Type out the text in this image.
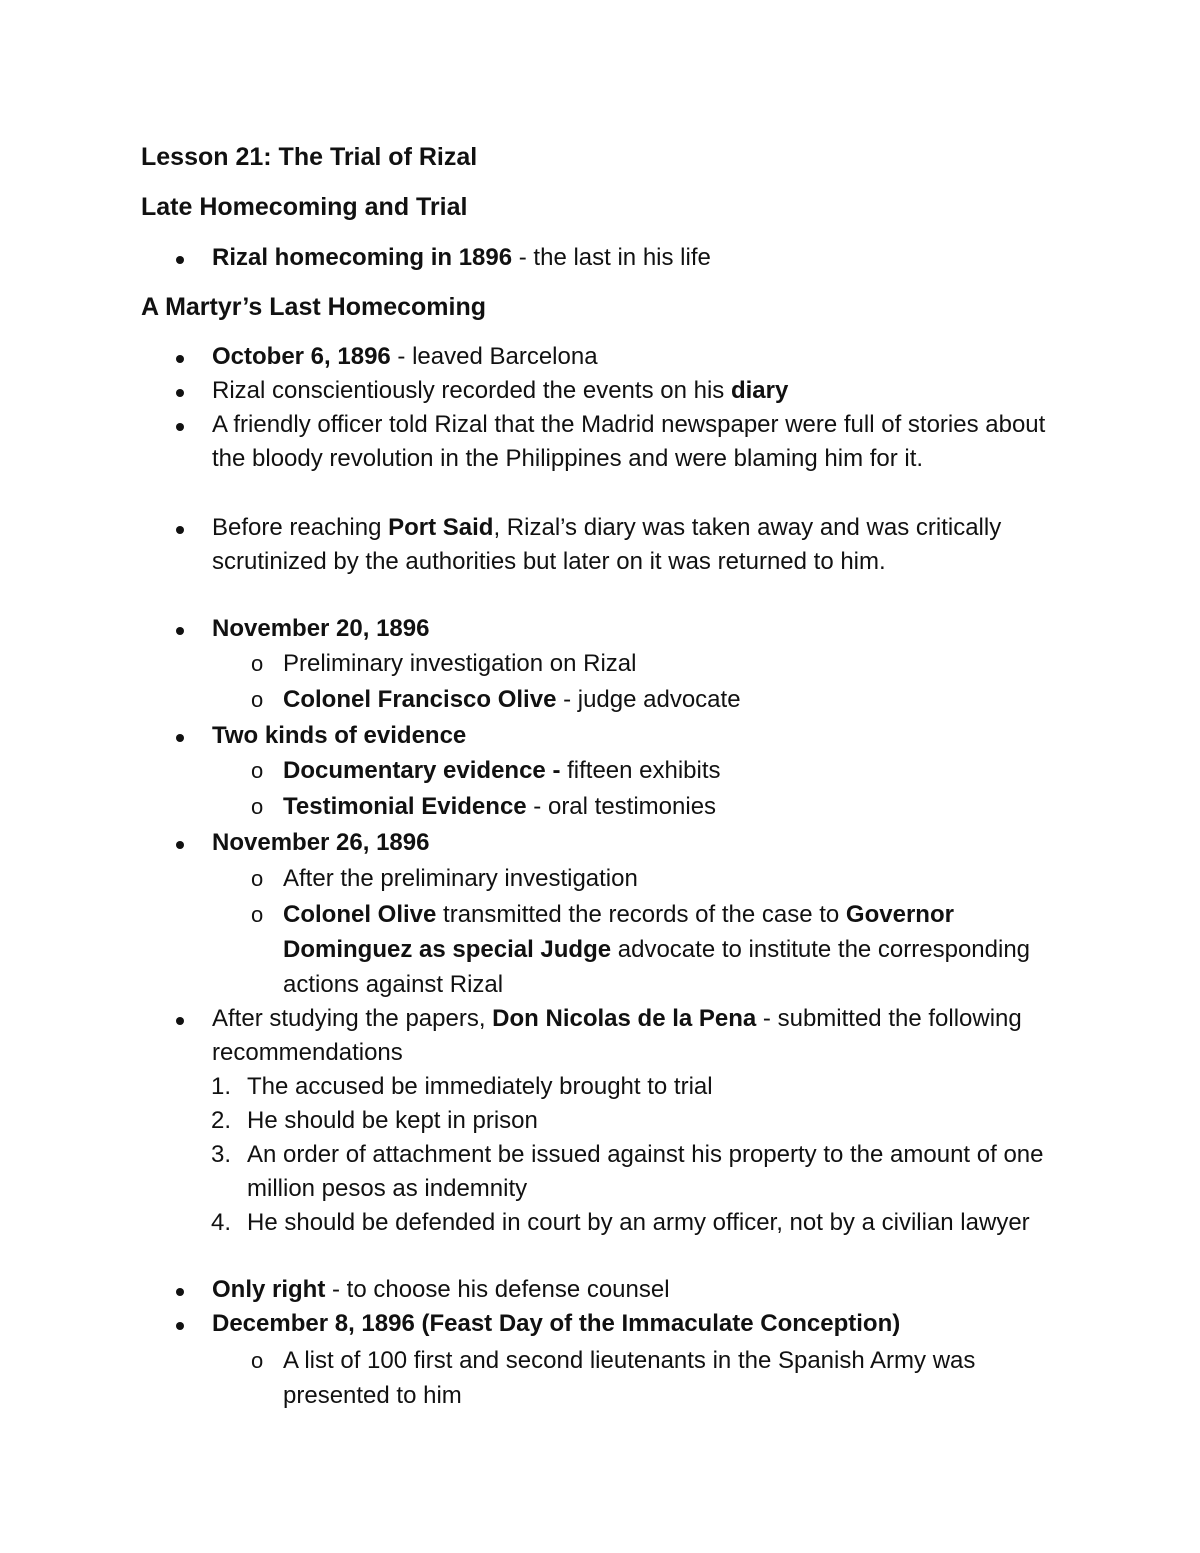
Lesson 21: The Trial of Rizal
Late Homecoming and Trial
Rizal homecoming in 1896 - the last in his life
A Martyr’s Last Homecoming
October 6, 1896 - leaved Barcelona
Rizal conscientiously recorded the events on his diary
A friendly officer told Rizal that the Madrid newspaper were full of stories about the bloody revolution in the Philippines and were blaming him for it.
Before reaching Port Said, Rizal’s diary was taken away and was critically scrutinized by the authorities but later on it was returned to him.
November 20, 1896
o Preliminary investigation on Rizal
o Colonel Francisco Olive - judge advocate
Two kinds of evidence
o Documentary evidence - fifteen exhibits
o Testimonial Evidence - oral testimonies
November 26, 1896
o After the preliminary investigation
o Colonel Olive transmitted the records of the case to Governor Dominguez as special Judge advocate to institute the corresponding actions against Rizal
After studying the papers, Don Nicolas de la Pena - submitted the following recommendations
1. The accused be immediately brought to trial
2. He should be kept in prison
3. An order of attachment be issued against his property to the amount of one million pesos as indemnity
4. He should be defended in court by an army officer, not by a civilian lawyer
Only right - to choose his defense counsel
December 8, 1896 (Feast Day of the Immaculate Conception)
o A list of 100 first and second lieutenants in the Spanish Army was presented to him
